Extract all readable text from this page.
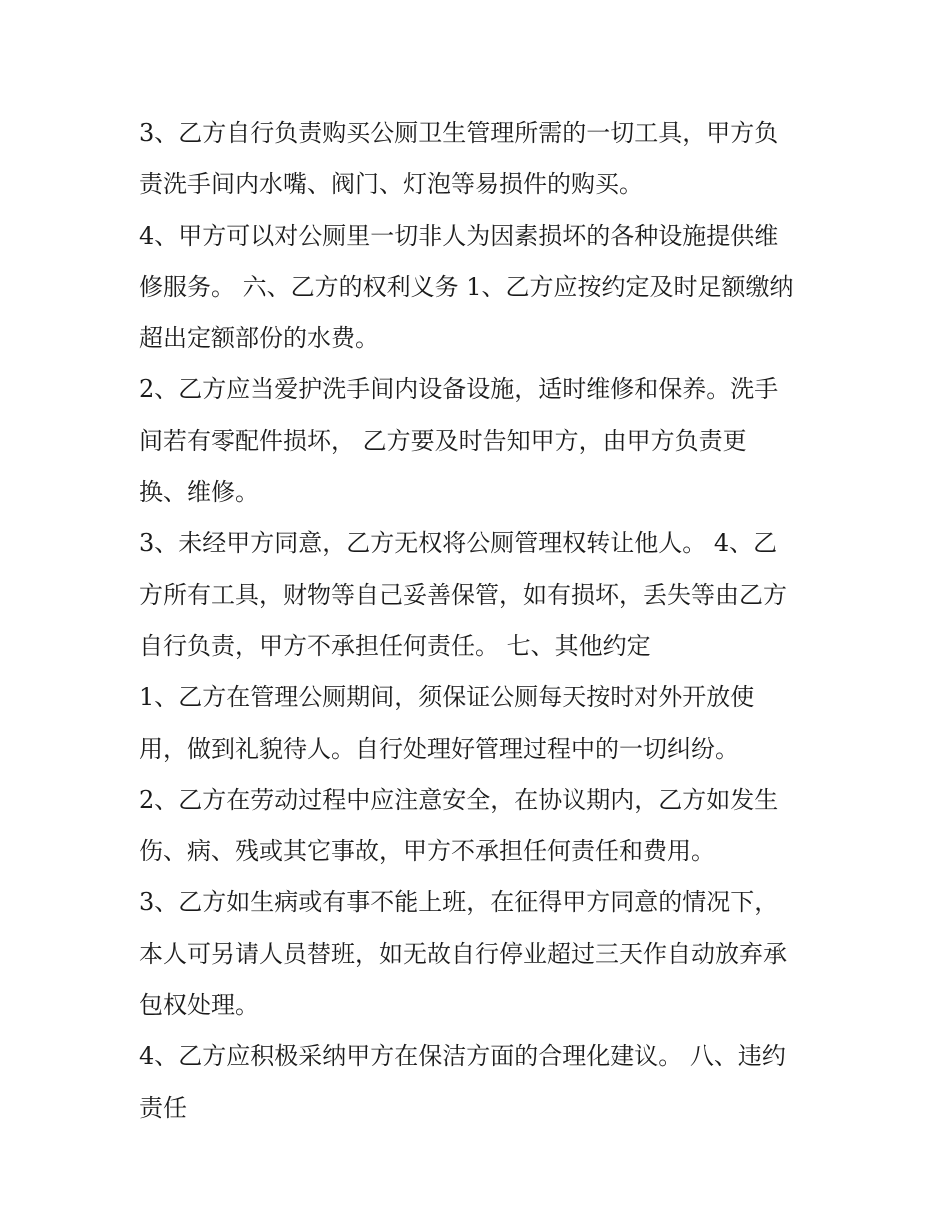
3、乙方自行负责购买公厕卫生管理所需的一切工具，甲方负
责洗手间内水嘴、阀门、灯泡等易损件的购买。
4、甲方可以对公厕里一切非人为因素损坏的各种设施提供维
修服务。 六、乙方的权利义务 1、乙方应按约定及时足额缴纳
超出定额部份的水费。
2、乙方应当爱护洗手间内设备设施，适时维修和保养。洗手
间若有零配件损坏， 乙方要及时告知甲方，由甲方负责更
换、维修。
3、未经甲方同意，乙方无权将公厕管理权转让他人。 4、乙
方所有工具，财物等自己妥善保管，如有损坏，丢失等由乙方
自行负责，甲方不承担任何责任。 七、其他约定
1、乙方在管理公厕期间，须保证公厕每天按时对外开放使
用，做到礼貌待人。自行处理好管理过程中的一切纠纷。
2、乙方在劳动过程中应注意安全，在协议期内，乙方如发生
伤、病、残或其它事故，甲方不承担任何责任和费用。
3、乙方如生病或有事不能上班，在征得甲方同意的情况下，
本人可另请人员替班，如无故自行停业超过三天作自动放弃承
包权处理。
4、乙方应积极采纳甲方在保洁方面的合理化建议。 八、违约
责任
